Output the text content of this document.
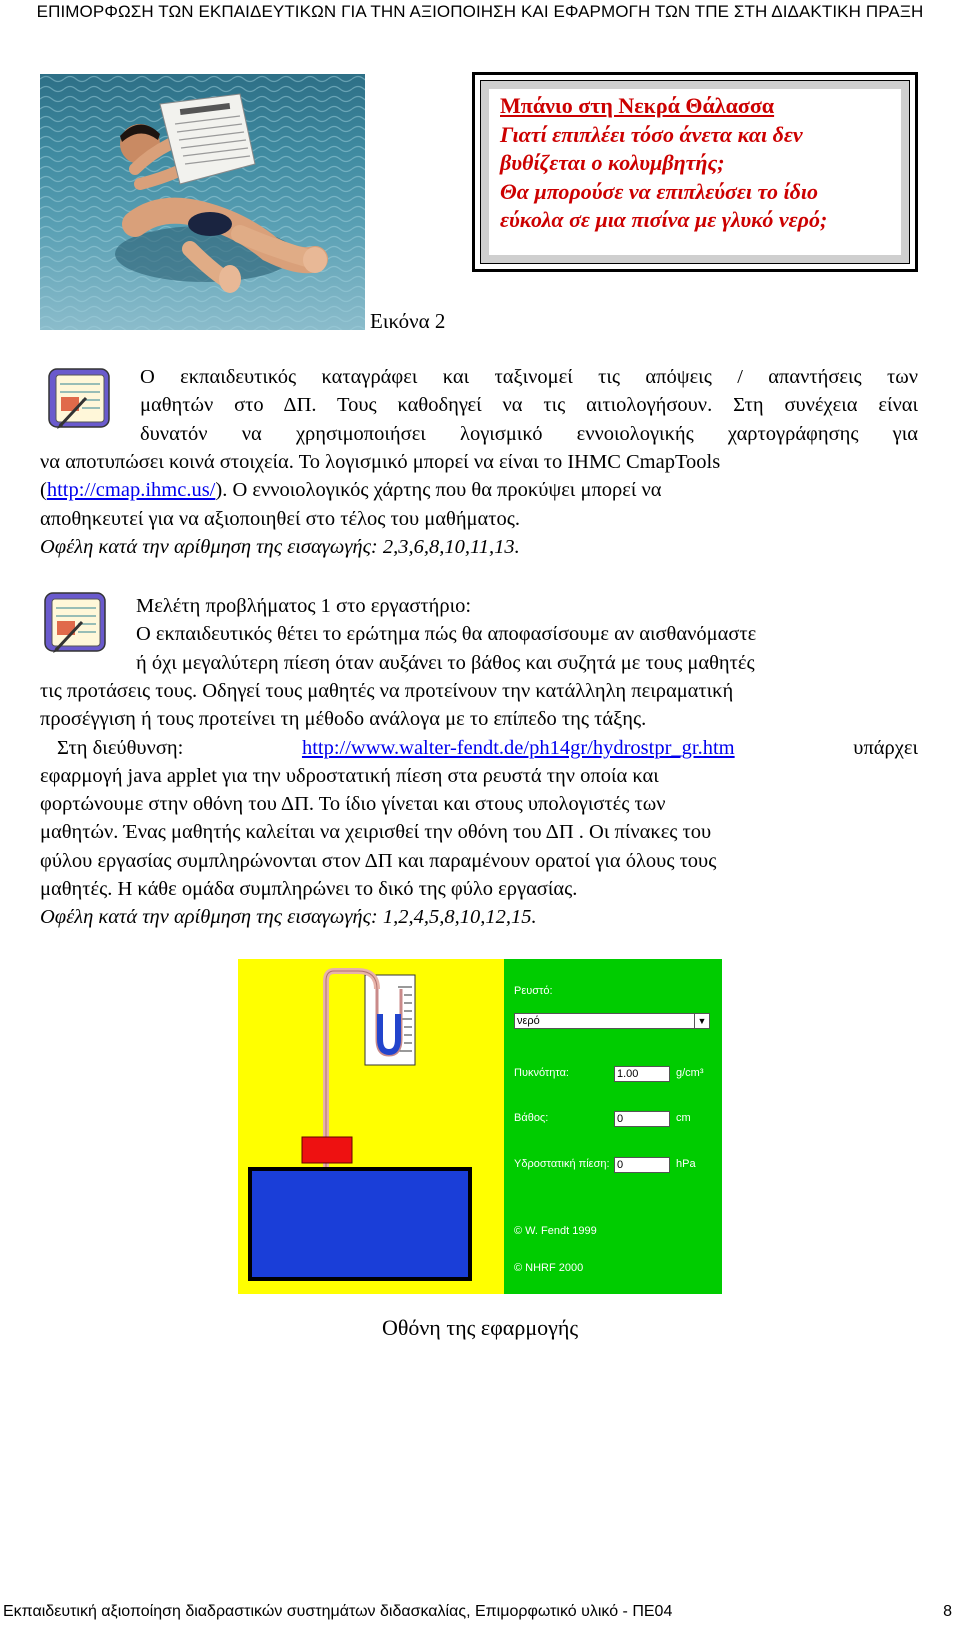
ΕΠΙΜΟΡΦΩΣΗ ΤΩΝ ΕΚΠΑΙΔΕΥΤΙΚΩΝ ΓΙΑ ΤΗΝ ΑΞΙΟΠΟΙΗΣΗ ΚΑΙ ΕΦΑΡΜΟΓΗ ΤΩΝ ΤΠΕ ΣΤΗ ΔΙΔΑΚΤΙΚΗ ΠΡΑΞΗ
Εικόνα 2
Μπάνιο στη Νεκρά Θάλασσα
Γιατί επιπλέει τόσο άνετα και δεν
βυθίζεται ο κολυμβητής;
Θα μπορούσε να επιπλεύσει το ίδιο
εύκολα σε μια πισίνα με γλυκό νερό;
Ο εκπαιδευτικός καταγράφει και ταξινομεί τις απόψεις / απαντήσεις των
μαθητών στο ΔΠ. Τους καθοδηγεί να τις αιτιολογήσουν. Στη συνέχεια είναι
δυνατόν να χρησιμοποιήσει λογισμικό εννοιολογικής χαρτογράφησης για
να αποτυπώσει κοινά στοιχεία. Το λογισμικό μπορεί να είναι το IHMC CmapTools
(http://cmap.ihmc.us/). Ο εννοιολογικός χάρτης που θα προκύψει μπορεί να
αποθηκευτεί για να αξιοποιηθεί στο τέλος του μαθήματος.
Οφέλη κατά την αρίθμηση της εισαγωγής: 2,3,6,8,10,11,13.
Μελέτη προβλήματος 1 στο εργαστήριο:
Ο εκπαιδευτικός θέτει το ερώτημα πώς θα αποφασίσουμε αν αισθανόμαστε
ή όχι μεγαλύτερη πίεση όταν αυξάνει το βάθος και συζητά με τους μαθητές
τις προτάσεις τους. Οδηγεί τους μαθητές να προτείνουν την κατάλληλη πειραματική
προσέγγιση ή τους προτείνει τη μέθοδο ανάλογα με το επίπεδο της τάξης.
Στη διεύθυνση:	http://www.walter-fendt.de/ph14gr/hydrostpr_gr.htm	υπάρχει
εφαρμογή java applet για την υδροστατική πίεση στα ρευστά την οποία και
φορτώνουμε στην οθόνη του ΔΠ. Το ίδιο γίνεται και στους υπολογιστές των
μαθητών. Ένας μαθητής καλείται να χειρισθεί την οθόνη του ΔΠ . Οι πίνακες του
φύλου εργασίας συμπληρώνονται στον ΔΠ και παραμένουν ορατοί για όλους τους
μαθητές. Η κάθε ομάδα συμπληρώνει το δικό της φύλο εργασίας.
Οφέλη κατά την αρίθμηση της εισαγωγής: 1,2,4,5,8,10,12,15.
Ρευστό:
νερό	▼
Πυκνότητα:	1.00	g/cm³
Βάθος:	0	cm
Υδροστατική πίεση: 0	hPa
© W. Fendt 1999
© NHRF 2000
Οθόνη της εφαρμογής
Εκπαιδευτική αξιοποίηση διαδραστικών συστημάτων διδασκαλίας, Επιμορφωτικό υλικό - ΠΕ04	8
